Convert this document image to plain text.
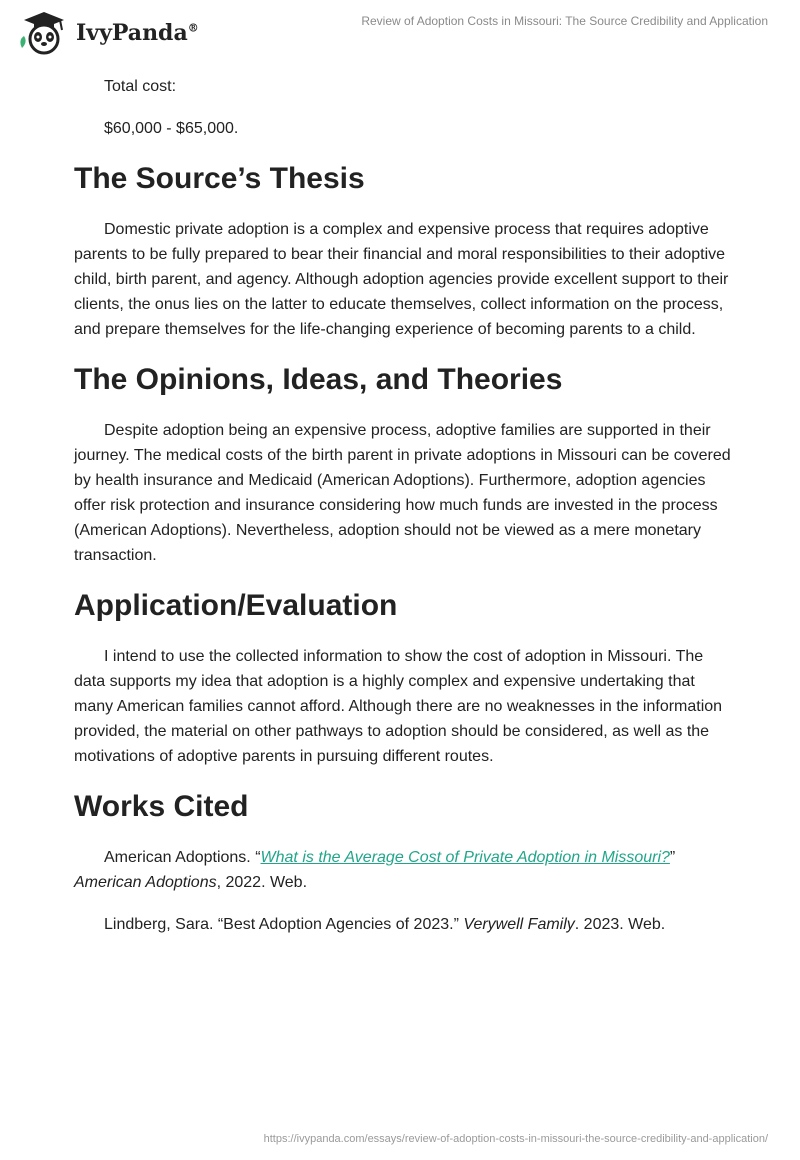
IvyPanda®
Review of Adoption Costs in Missouri: The Source Credibility and Application

Total cost:

$60,000 - $65,000.

The Source’s Thesis

Domestic private adoption is a complex and expensive process that requires adoptive parents to be fully prepared to bear their financial and moral responsibilities to their adoptive child, birth parent, and agency. Although adoption agencies provide excellent support to their clients, the onus lies on the latter to educate themselves, collect information on the process, and prepare themselves for the life-changing experience of becoming parents to a child.

The Opinions, Ideas, and Theories

Despite adoption being an expensive process, adoptive families are supported in their journey. The medical costs of the birth parent in private adoptions in Missouri can be covered by health insurance and Medicaid (American Adoptions). Furthermore, adoption agencies offer risk protection and insurance considering how much funds are invested in the process (American Adoptions). Nevertheless, adoption should not be viewed as a mere monetary transaction.

Application/Evaluation

I intend to use the collected information to show the cost of adoption in Missouri. The data supports my idea that adoption is a highly complex and expensive undertaking that many American families cannot afford. Although there are no weaknesses in the information provided, the material on other pathways to adoption should be considered, as well as the motivations of adoptive parents in pursuing different routes.

Works Cited

American Adoptions. “What is the Average Cost of Private Adoption in Missouri?” American Adoptions, 2022. Web.

Lindberg, Sara. “Best Adoption Agencies of 2023.” Verywell Family. 2023. Web.

https://ivypanda.com/essays/review-of-adoption-costs-in-missouri-the-source-credibility-and-application/
